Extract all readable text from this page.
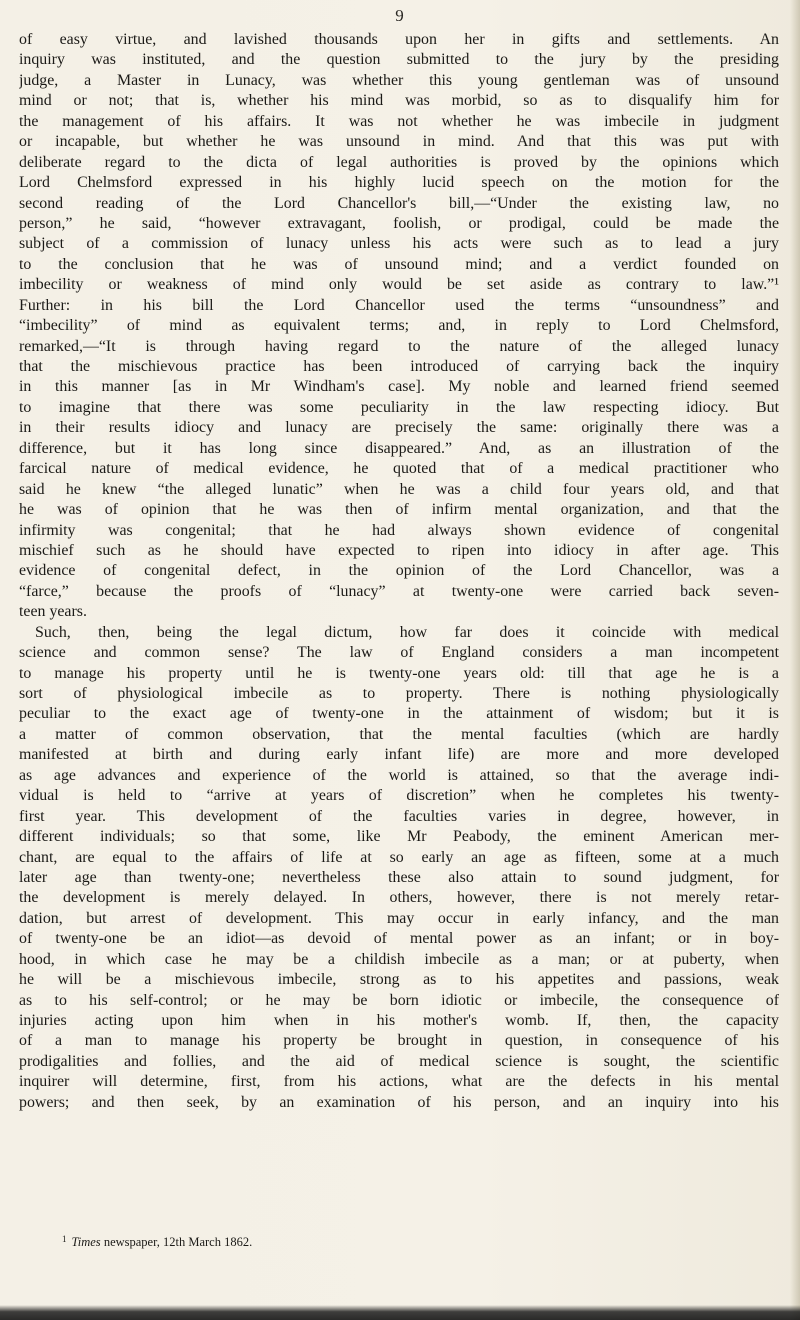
9
of easy virtue, and lavished thousands upon her in gifts and settlements. An
inquiry was instituted, and the question submitted to the jury by the presiding
judge, a Master in Lunacy, was whether this young gentleman was of unsound
mind or not; that is, whether his mind was morbid, so as to disqualify him for
the management of his affairs. It was not whether he was imbecile in judgment
or incapable, but whether he was unsound in mind. And that this was put with
deliberate regard to the dicta of legal authorities is proved by the opinions which
Lord Chelmsford expressed in his highly lucid speech on the motion for the
second reading of the Lord Chancellor's bill,—“Under the existing law, no
person,” he said, “however extravagant, foolish, or prodigal, could be made the
subject of a commission of lunacy unless his acts were such as to lead a jury
to the conclusion that he was of unsound mind; and a verdict founded on
imbecility or weakness of mind only would be set aside as contrary to law.”¹
Further: in his bill the Lord Chancellor used the terms “unsoundness” and
“imbecility” of mind as equivalent terms; and, in reply to Lord Chelmsford,
remarked,—“It is through having regard to the nature of the alleged lunacy
that the mischievous practice has been introduced of carrying back the inquiry
in this manner [as in Mr Windham's case]. My noble and learned friend seemed
to imagine that there was some peculiarity in the law respecting idiocy. But
in their results idiocy and lunacy are precisely the same: originally there was a
difference, but it has long since disappeared.” And, as an illustration of the
farcical nature of medical evidence, he quoted that of a medical practitioner who
said he knew “the alleged lunatic” when he was a child four years old, and that
he was of opinion that he was then of infirm mental organization, and that the
infirmity was congenital; that he had always shown evidence of congenital
mischief such as he should have expected to ripen into idiocy in after age. This
evidence of congenital defect, in the opinion of the Lord Chancellor, was a
“farce,” because the proofs of “lunacy” at twenty-one were carried back seven-
teen years.
Such, then, being the legal dictum, how far does it coincide with medical
science and common sense? The law of England considers a man incompetent
to manage his property until he is twenty-one years old: till that age he is a
sort of physiological imbecile as to property. There is nothing physiologically
peculiar to the exact age of twenty-one in the attainment of wisdom; but it is
a matter of common observation, that the mental faculties (which are hardly
manifested at birth and during early infant life) are more and more developed
as age advances and experience of the world is attained, so that the average indi-
vidual is held to “arrive at years of discretion” when he completes his twenty-
first year. This development of the faculties varies in degree, however, in
different individuals; so that some, like Mr Peabody, the eminent American mer-
chant, are equal to the affairs of life at so early an age as fifteen, some at a much
later age than twenty-one; nevertheless these also attain to sound judgment, for
the development is merely delayed. In others, however, there is not merely retar-
dation, but arrest of development. This may occur in early infancy, and the man
of twenty-one be an idiot—as devoid of mental power as an infant; or in boy-
hood, in which case he may be a childish imbecile as a man; or at puberty, when
he will be a mischievous imbecile, strong as to his appetites and passions, weak
as to his self-control; or he may be born idiotic or imbecile, the consequence of
injuries acting upon him when in his mother's womb. If, then, the capacity
of a man to manage his property be brought in question, in consequence of his
prodigalities and follies, and the aid of medical science is sought, the scientific
inquirer will determine, first, from his actions, what are the defects in his mental
powers; and then seek, by an examination of his person, and an inquiry into his
$^1$ Times newspaper, 12th March 1862.
